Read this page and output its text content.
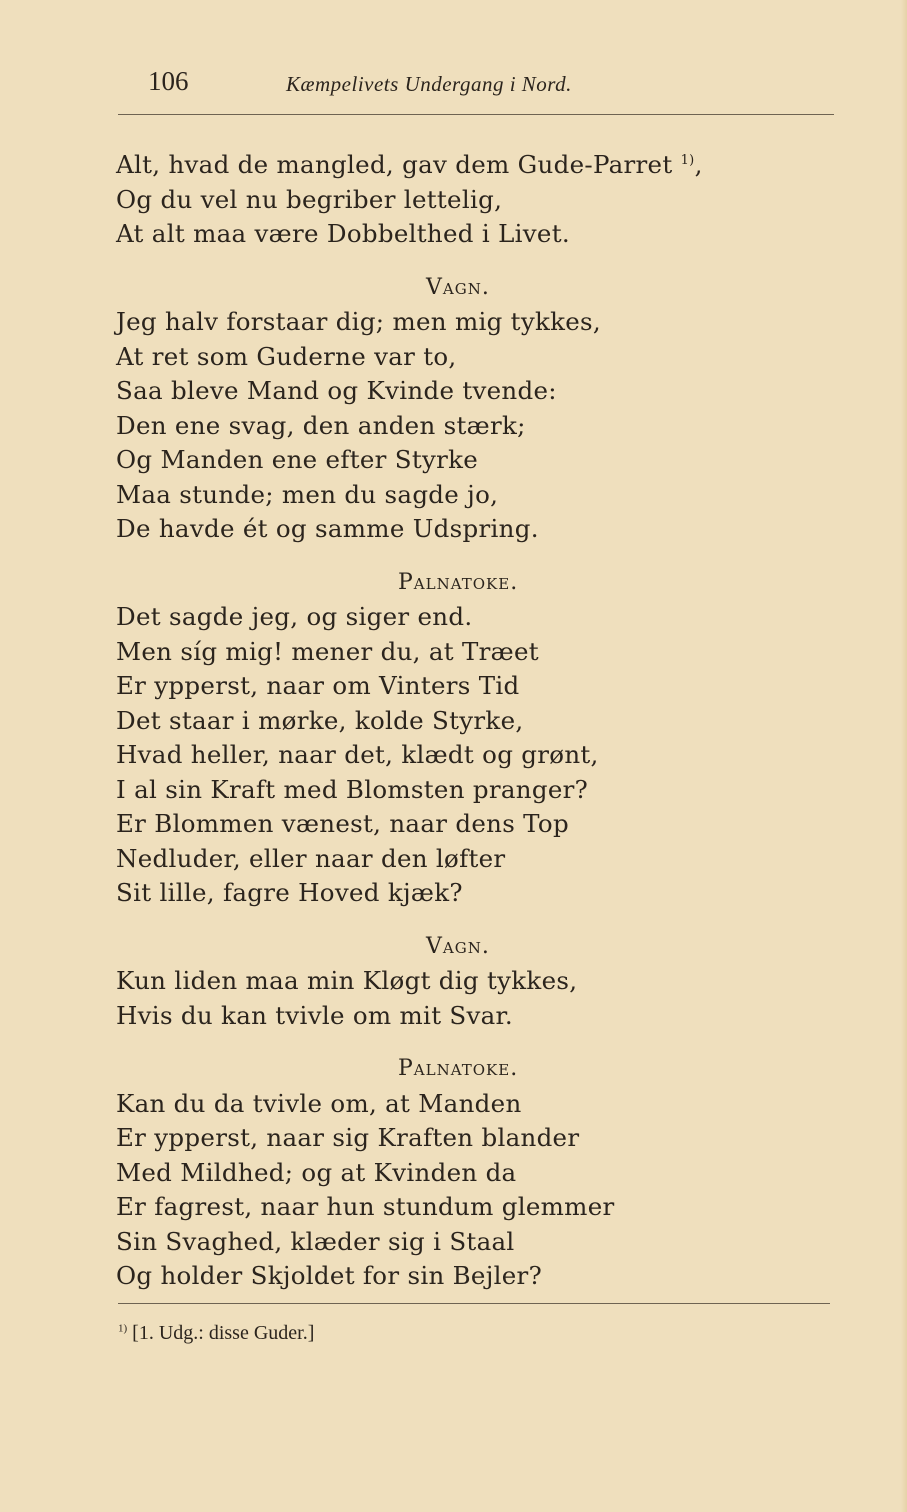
106	Kæmpelivets Undergang i Nord.
Alt, hvad de mangled, gav dem Gude-Parret $^{1)}$,
Og du vel nu begriber lettelig,
At alt maa være Dobbelthed i Livet.
Vagn.
Jeg halv forstaar dig; men mig tykkes,
At ret som Guderne var to,
Saa bleve Mand og Kvinde tvende:
Den ene svag, den anden stærk;
Og Manden ene efter Styrke
Maa stunde; men du sagde jo,
De havde ét og samme Udspring.
Palnatoke.
Det sagde jeg, og siger end.
Men síg mig! mener du, at Træet
Er ypperst, naar om Vinters Tid
Det staar i mørke, kolde Styrke,
Hvad heller, naar det, klædt og grønt,
I al sin Kraft med Blomsten pranger?
Er Blommen vænest, naar dens Top
Nedluder, eller naar den løfter
Sit lille, fagre Hoved kjæk?
Vagn.
Kun liden maa min Kløgt dig tykkes,
Hvis du kan tvivle om mit Svar.
Palnatoke.
Kan du da tvivle om, at Manden
Er ypperst, naar sig Kraften blander
Med Mildhed; og at Kvinden da
Er fagrest, naar hun stundum glemmer
Sin Svaghed, klæder sig i Staal
Og holder Skjoldet for sin Bejler?
$^{1)}$ [1. Udg.: disse Guder.]
